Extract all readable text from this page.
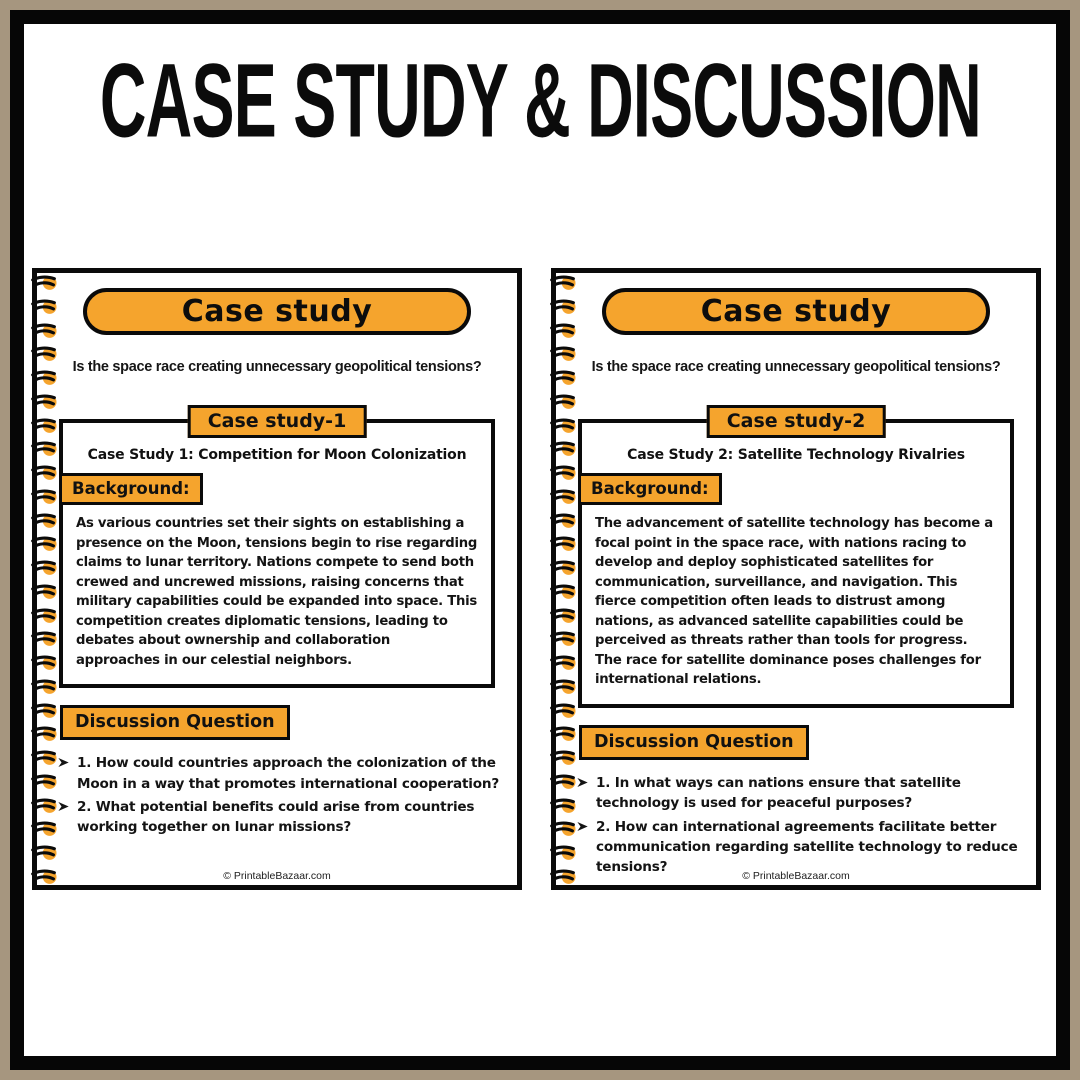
CASE STUDY & DISCUSSION
Case study
Is the space race creating unnecessary geopolitical tensions?
Case study-1
Case Study 1: Competition for Moon Colonization
Background:
As various countries set their sights on establishing a presence on the Moon, tensions begin to rise regarding claims to lunar territory. Nations compete to send both crewed and uncrewed missions, raising concerns that military capabilities could be expanded into space. This competition creates diplomatic tensions, leading to debates about ownership and collaboration approaches in our celestial neighbors.
Discussion Question
1. How could countries approach the colonization of the Moon in a way that promotes international cooperation?
2. What potential benefits could arise from countries working together on lunar missions?
© PrintableBazaar.com
Case study
Is the space race creating unnecessary geopolitical tensions?
Case study-2
Case Study 2: Satellite Technology Rivalries
Background:
The advancement of satellite technology has become a focal point in the space race, with nations racing to develop and deploy sophisticated satellites for communication, surveillance, and navigation. This fierce competition often leads to distrust among nations, as advanced satellite capabilities could be perceived as threats rather than tools for progress. The race for satellite dominance poses challenges for international relations.
Discussion Question
1. In what ways can nations ensure that satellite technology is used for peaceful purposes?
2. How can international agreements facilitate better communication regarding satellite technology to reduce tensions?
© PrintableBazaar.com
